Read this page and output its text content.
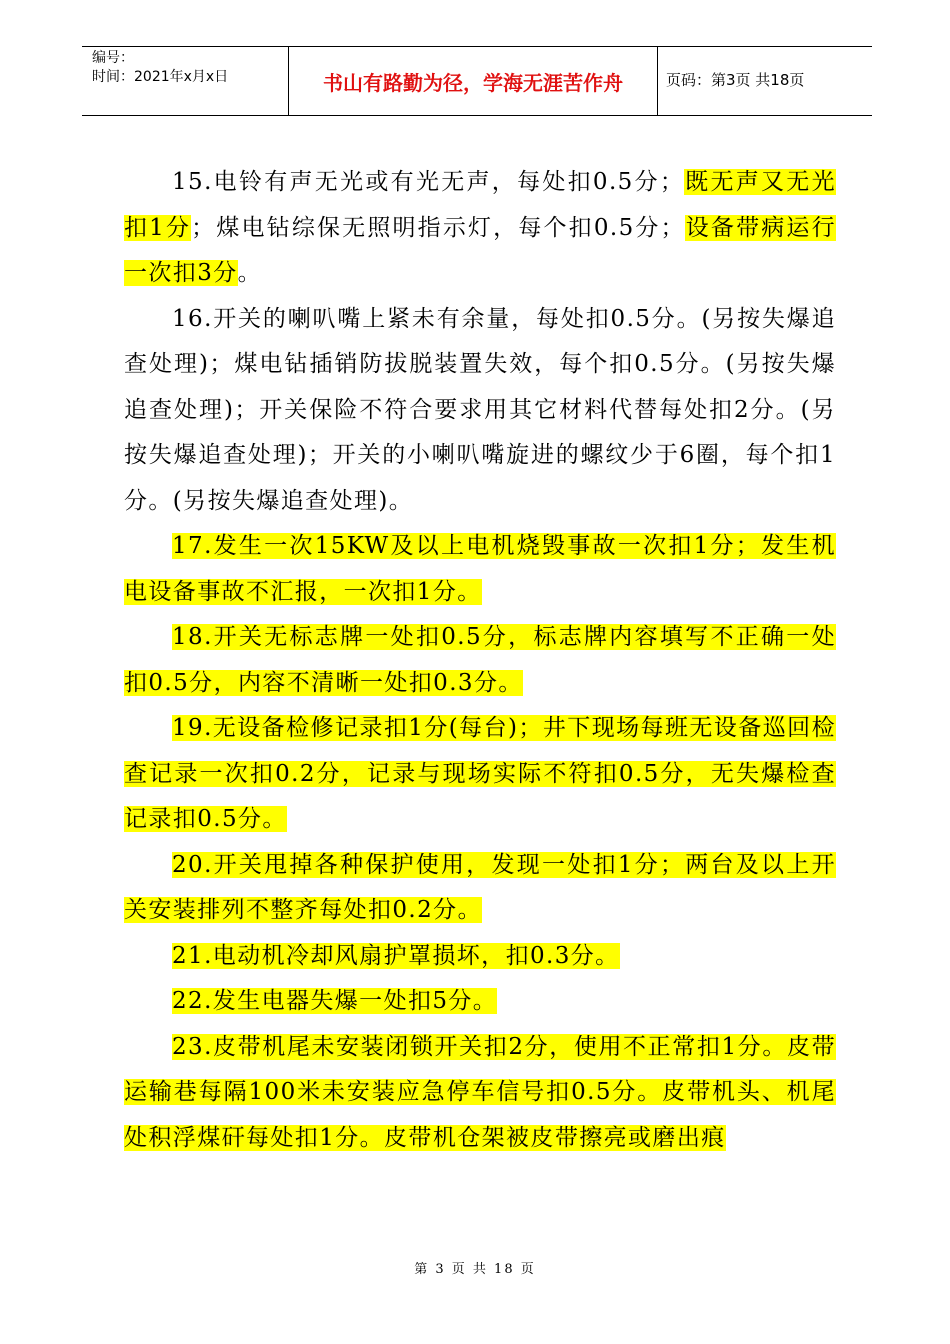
编号：
时间：2021年x月x日	书山有路勤为径，学海无涯苦作舟	页码：第3页 共18页
15.电铃有声无光或有光无声，每处扣0.5分；既无声又无光扣1分；煤电钻综保无照明指示灯，每个扣0.5分；设备带病运行一次扣3分。
16.开关的喇叭嘴上紧未有余量，每处扣0.5分。(另按失爆追查处理)；煤电钻插销防拔脱装置失效，每个扣0.5分。(另按失爆追查处理)；开关保险不符合要求用其它材料代替每处扣2分。(另按失爆追查处理)；开关的小喇叭嘴旋进的螺纹少于6圈，每个扣1分。(另按失爆追查处理)。
17.发生一次15KW及以上电机烧毁事故一次扣1分；发生机电设备事故不汇报，一次扣1分。
18.开关无标志牌一处扣0.5分，标志牌内容填写不正确一处扣0.5分，内容不清晰一处扣0.3分。
19.无设备检修记录扣1分(每台)；井下现场每班无设备巡回检查记录一次扣0.2分，记录与现场实际不符扣0.5分，无失爆检查记录扣0.5分。
20.开关甩掉各种保护使用，发现一处扣1分；两台及以上开关安装排列不整齐每处扣0.2分。
21.电动机冷却风扇护罩损坏，扣0.3分。
22.发生电器失爆一处扣5分。
23.皮带机尾未安装闭锁开关扣2分，使用不正常扣1分。皮带运输巷每隔100米未安装应急停车信号扣0.5分。皮带机头、机尾处积浮煤矸每处扣1分。皮带机仓架被皮带擦亮或磨出痕
第 3 页 共 18 页
